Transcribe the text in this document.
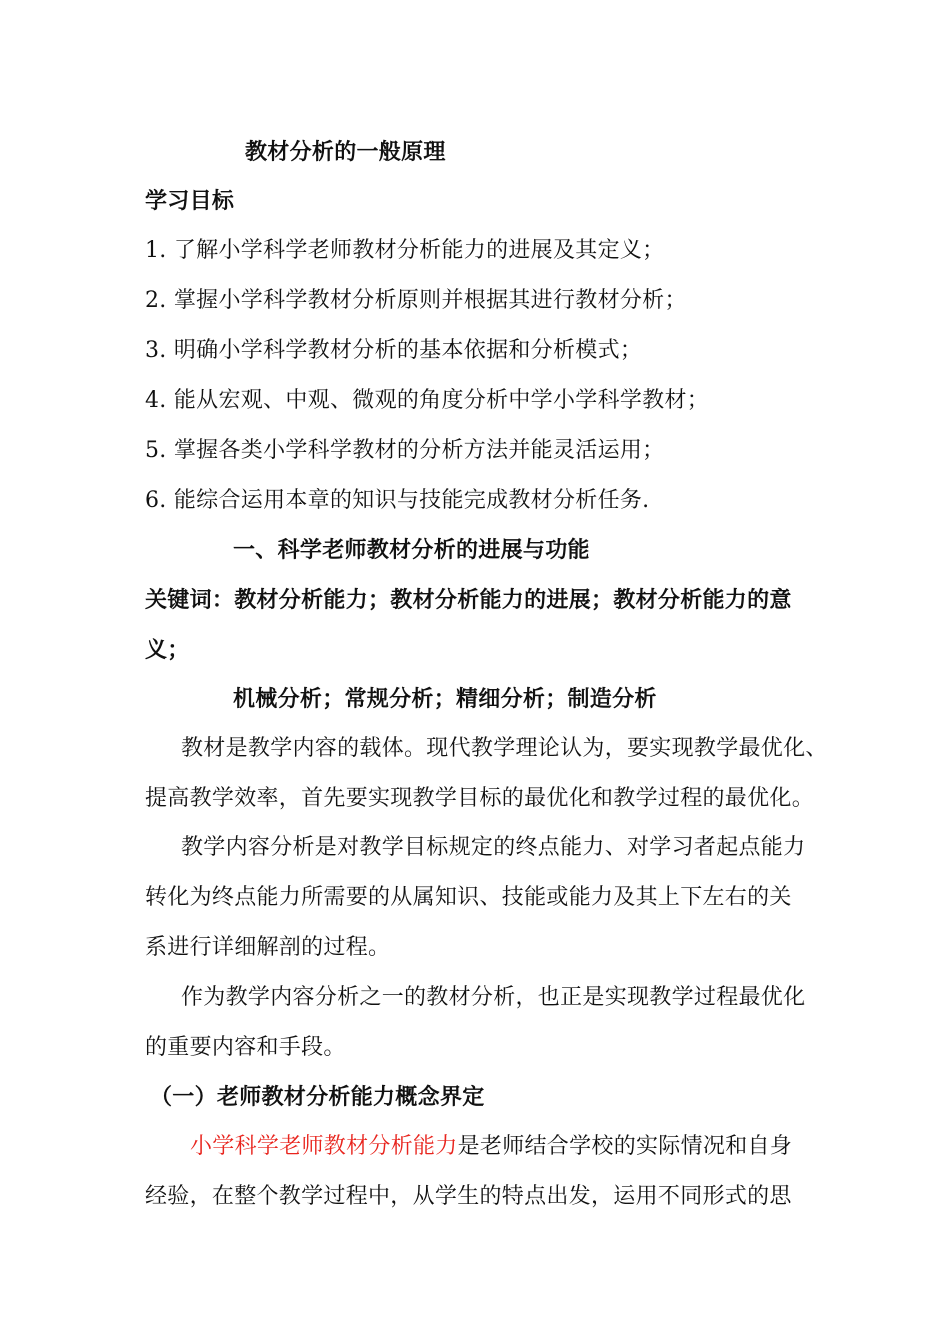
教材分析的一般原理
学习目标
1. 了解小学科学老师教材分析能力的进展及其定义；
2. 掌握小学科学教材分析原则并根据其进行教材分析；
3. 明确小学科学教材分析的基本依据和分析模式；
4. 能从宏观、中观、微观的角度分析中学小学科学教材；
5. 掌握各类小学科学教材的分析方法并能灵活运用；
6. 能综合运用本章的知识与技能完成教材分析任务.
一、科学老师教材分析的进展与功能
关键词：教材分析能力；教材分析能力的进展；教材分析能力的意
义；
机械分析；常规分析；精细分析；制造分析
教材是教学内容的载体。现代教学理论认为，要实现教学最优化、
提高教学效率，首先要实现教学目标的最优化和教学过程的最优化。
教学内容分析是对教学目标规定的终点能力、对学习者起点能力
转化为终点能力所需要的从属知识、技能或能力及其上下左右的关
系进行详细解剖的过程。
作为教学内容分析之一的教材分析，也正是实现教学过程最优化
的重要内容和手段。
（一）老师教材分析能力概念界定
小学科学老师教材分析能力是老师结合学校的实际情况和自身
经验，在整个教学过程中，从学生的特点出发，运用不同形式的思
